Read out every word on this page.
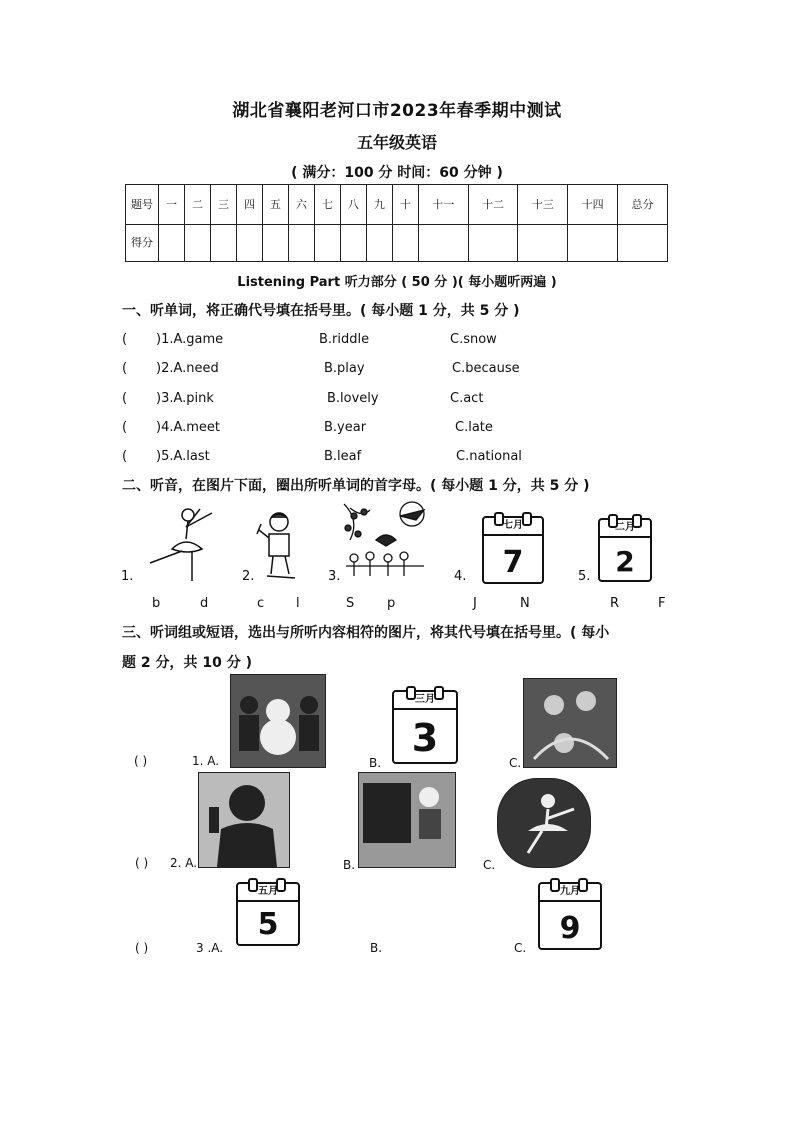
湖北省襄阳老河口市2023年春季期中测试
五年级英语
( 满分：100 分 时间：60 分钟 )
题号	一	二	三	四	五	六	七	八	九	十	十一	十二	十三	十四	总分
得分															
Listening Part 听力部分 ( 50 分 )( 每小题听两遍 )
一、听单词，将正确代号填在括号里。( 每小题 1 分，共 5 分 )
( )1.A.game	B.riddle	C.snow
( )2.A.need	B.play	C.because
( )3.A.pink	B.lovely	C.act
( )4.A.meet	B.year	C.late
( )5.A.last	B.leaf	C.national
二、听音，在图片下面，圈出所听单词的首字母。( 每小题 1 分，共 5 分 )
1.	2.	3.
七月
7
4.
二月
2
5.
b	d	c l	S	p	J	N	R	F
三、听词组或短语，选出与所听内容相符的图片，将其代号填在括号里。( 每小
题 2 分，共 10 分 )
三月
3
( )	1. A.	B.	C.
( ) 2. A.	B.	C.
五月
5
九月
9
( )	3 .A.	B.	C.
